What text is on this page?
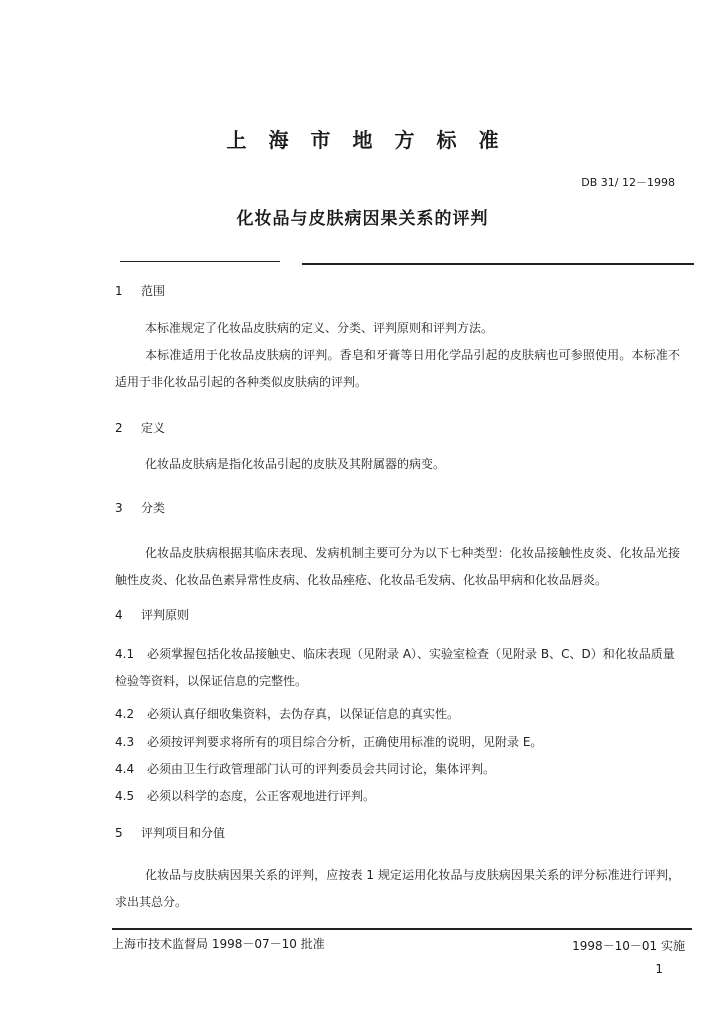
上海市地方标准
DB 31/ 12－1998
化妆品与皮肤病因果关系的评判
1 范围
本标准规定了化妆品皮肤病的定义、分类、评判原则和评判方法。
本标准适用于化妆品皮肤病的评判。香皂和牙膏等日用化学品引起的皮肤病也可参照使用。本标准不适用于非化妆品引起的各种类似皮肤病的评判。
2 定义
化妆品皮肤病是指化妆品引起的皮肤及其附属器的病变。
3 分类
化妆品皮肤病根据其临床表现、发病机制主要可分为以下七种类型：化妆品接触性皮炎、化妆品光接触性皮炎、化妆品色素异常性皮病、化妆品痤疮、化妆品毛发病、化妆品甲病和化妆品唇炎。
4 评判原则
4.1 必须掌握包括化妆品接触史、临床表现（见附录 A）、实验室检查（见附录 B、C、D）和化妆品质量检验等资料，以保证信息的完整性。
4.2 必须认真仔细收集资料，去伪存真，以保证信息的真实性。
4.3 必须按评判要求将所有的项目综合分析，正确使用标准的说明，见附录 E。
4.4 必须由卫生行政管理部门认可的评判委员会共同讨论，集体评判。
4.5 必须以科学的态度，公正客观地进行评判。
5 评判项目和分值
化妆品与皮肤病因果关系的评判，应按表 1 规定运用化妆品与皮肤病因果关系的评分标准进行评判，求出其总分。
上海市技术监督局 1998－07－10 批准	1998－10－01 实施
1
